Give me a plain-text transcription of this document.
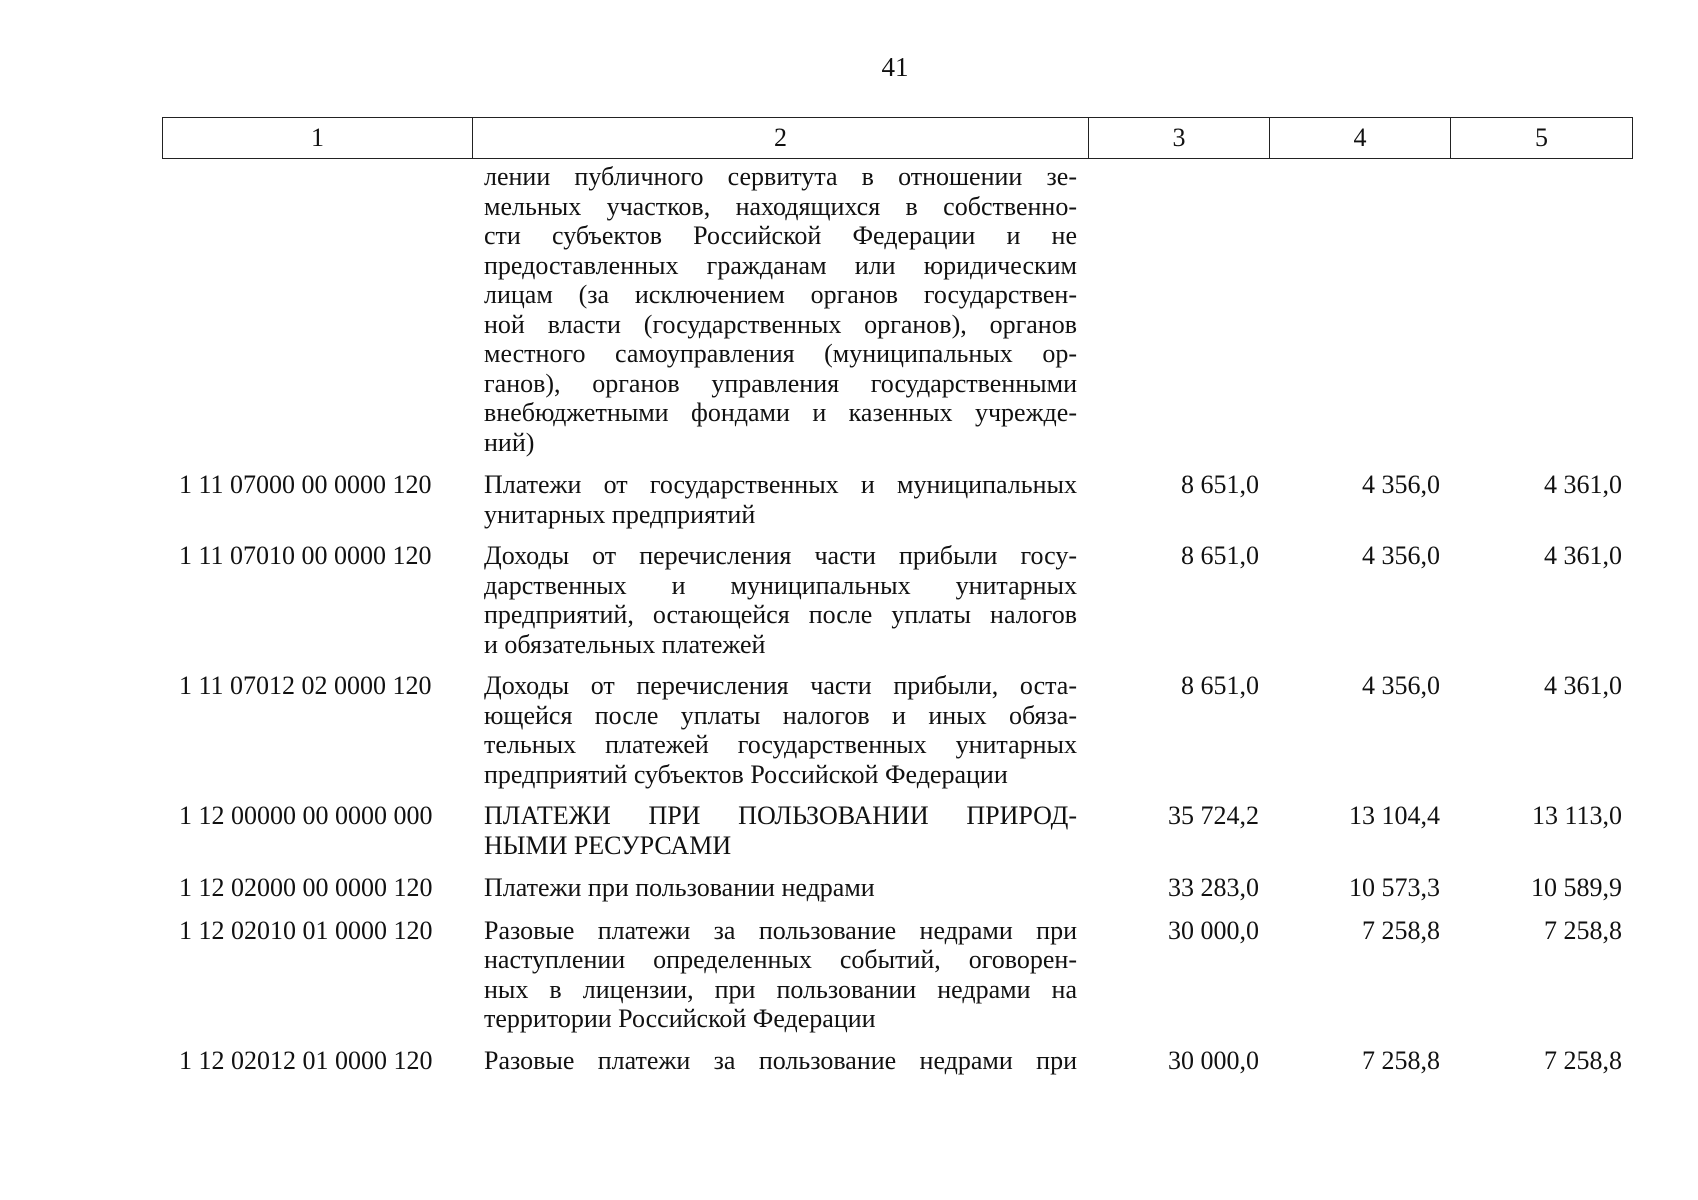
41
1	2	3	4	5
лении публичного сервитута в отношении зе-
мельных участков, находящихся в собственно-
сти субъектов Российской Федерации и не
предоставленных гражданам или юридическим
лицам (за исключением органов государствен-
ной власти (государственных органов), органов
местного самоуправления (муниципальных ор-
ганов), органов управления государственными
внебюджетными фондами и казенных учрежде-
ний)
1 11 07000 00 0000 120	Платежи от государственных и муниципальных
унитарных предприятий
8 651,0	4 356,0	4 361,0
1 11 07010 00 0000 120	Доходы от перечисления части прибыли госу-
дарственных и муниципальных унитарных
предприятий, остающейся после уплаты налогов
и обязательных платежей
8 651,0	4 356,0	4 361,0
1 11 07012 02 0000 120	Доходы от перечисления части прибыли, оста-
ющейся после уплаты налогов и иных обяза-
тельных платежей государственных унитарных
предприятий субъектов Российской Федерации
8 651,0	4 356,0	4 361,0
1 12 00000 00 0000 000	ПЛАТЕЖИ ПРИ ПОЛЬЗОВАНИИ ПРИРОД-
НЫМИ РЕСУРСАМИ
35 724,2	13 104,4	13 113,0
1 12 02000 00 0000 120	Платежи при пользовании недрами	33 283,0	10 573,3	10 589,9
1 12 02010 01 0000 120	Разовые платежи за пользование недрами при
наступлении определенных событий, оговорен-
ных в лицензии, при пользовании недрами на
территории Российской Федерации
30 000,0	7 258,8	7 258,8
1 12 02012 01 0000 120	Разовые платежи за пользование недрами при	30 000,0	7 258,8	7 258,8
